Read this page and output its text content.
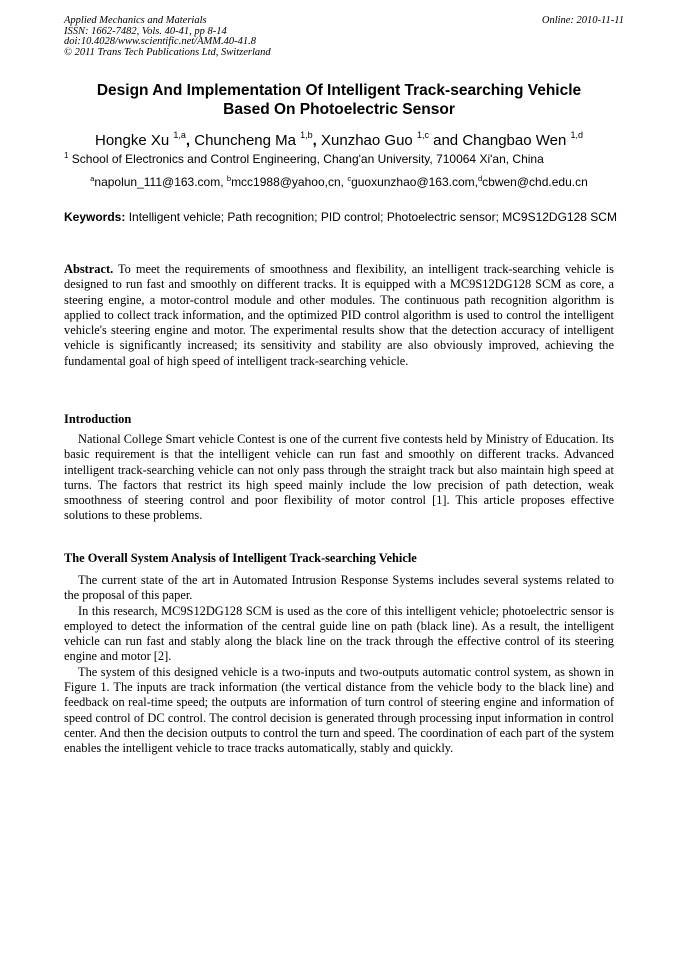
Applied Mechanics and Materials
ISSN: 1662-7482, Vols. 40-41, pp 8-14
doi:10.4028/www.scientific.net/AMM.40-41.8
© 2011 Trans Tech Publications Ltd, Switzerland
Online: 2010-11-11
Design And Implementation Of Intelligent Track-searching Vehicle
Based On Photoelectric Sensor
Hongke Xu $^{1,a}$, Chuncheng Ma $^{1,b}$, Xunzhao Guo $^{1,c}$ and Changbao Wen $^{1,d}$
$^1$ School of Electronics and Control Engineering, Chang'an University, 710064 Xi'an, China
$^a$napolun_111@163.com, $^b$mcc1988@yahoo,cn, $^c$guoxunzhao@163.com,$^d$cbwen@chd.edu.cn
Keywords: Intelligent vehicle; Path recognition; PID control; Photoelectric sensor; MC9S12DG128 SCM
Abstract. To meet the requirements of smoothness and flexibility, an intelligent track-searching vehicle is designed to run fast and smoothly on different tracks. It is equipped with a MC9S12DG128 SCM as core, a steering engine, a motor-control module and other modules. The continuous path recognition algorithm is applied to collect track information, and the optimized PID control algorithm is used to control the intelligent vehicle's steering engine and motor. The experimental results show that the detection accuracy of intelligent vehicle is significantly increased; its sensitivity and stability are also obviously improved, achieving the fundamental goal of high speed of intelligent track-searching vehicle.
Introduction

National College Smart vehicle Contest is one of the current five contests held by Ministry of Education. Its basic requirement is that the intelligent vehicle can run fast and smoothly on different tracks. Advanced intelligent track-searching vehicle can not only pass through the straight track but also maintain high speed at turns. The factors that restrict its high speed mainly include the low precision of path detection, weak smoothness of steering control and poor flexibility of motor control [1]. This article proposes effective solutions to these problems.

The Overall System Analysis of Intelligent Track-searching Vehicle

The current state of the art in Automated Intrusion Response Systems includes several systems related to the proposal of this paper.

In this research, MC9S12DG128 SCM is used as the core of this intelligent vehicle; photoelectric sensor is employed to detect the information of the central guide line on path (black line). As a result, the intelligent vehicle can run fast and stably along the black line on the track through the effective control of its steering engine and motor [2].

The system of this designed vehicle is a two-inputs and two-outputs automatic control system, as shown in Figure 1. The inputs are track information (the vertical distance from the vehicle body to the black line) and feedback on real-time speed; the outputs are information of turn control of steering engine and information of speed control of DC control. The control decision is generated through processing input information in control center. And then the decision outputs to control the turn and speed. The coordination of each part of the system enables the intelligent vehicle to trace tracks automatically, stably and quickly.
